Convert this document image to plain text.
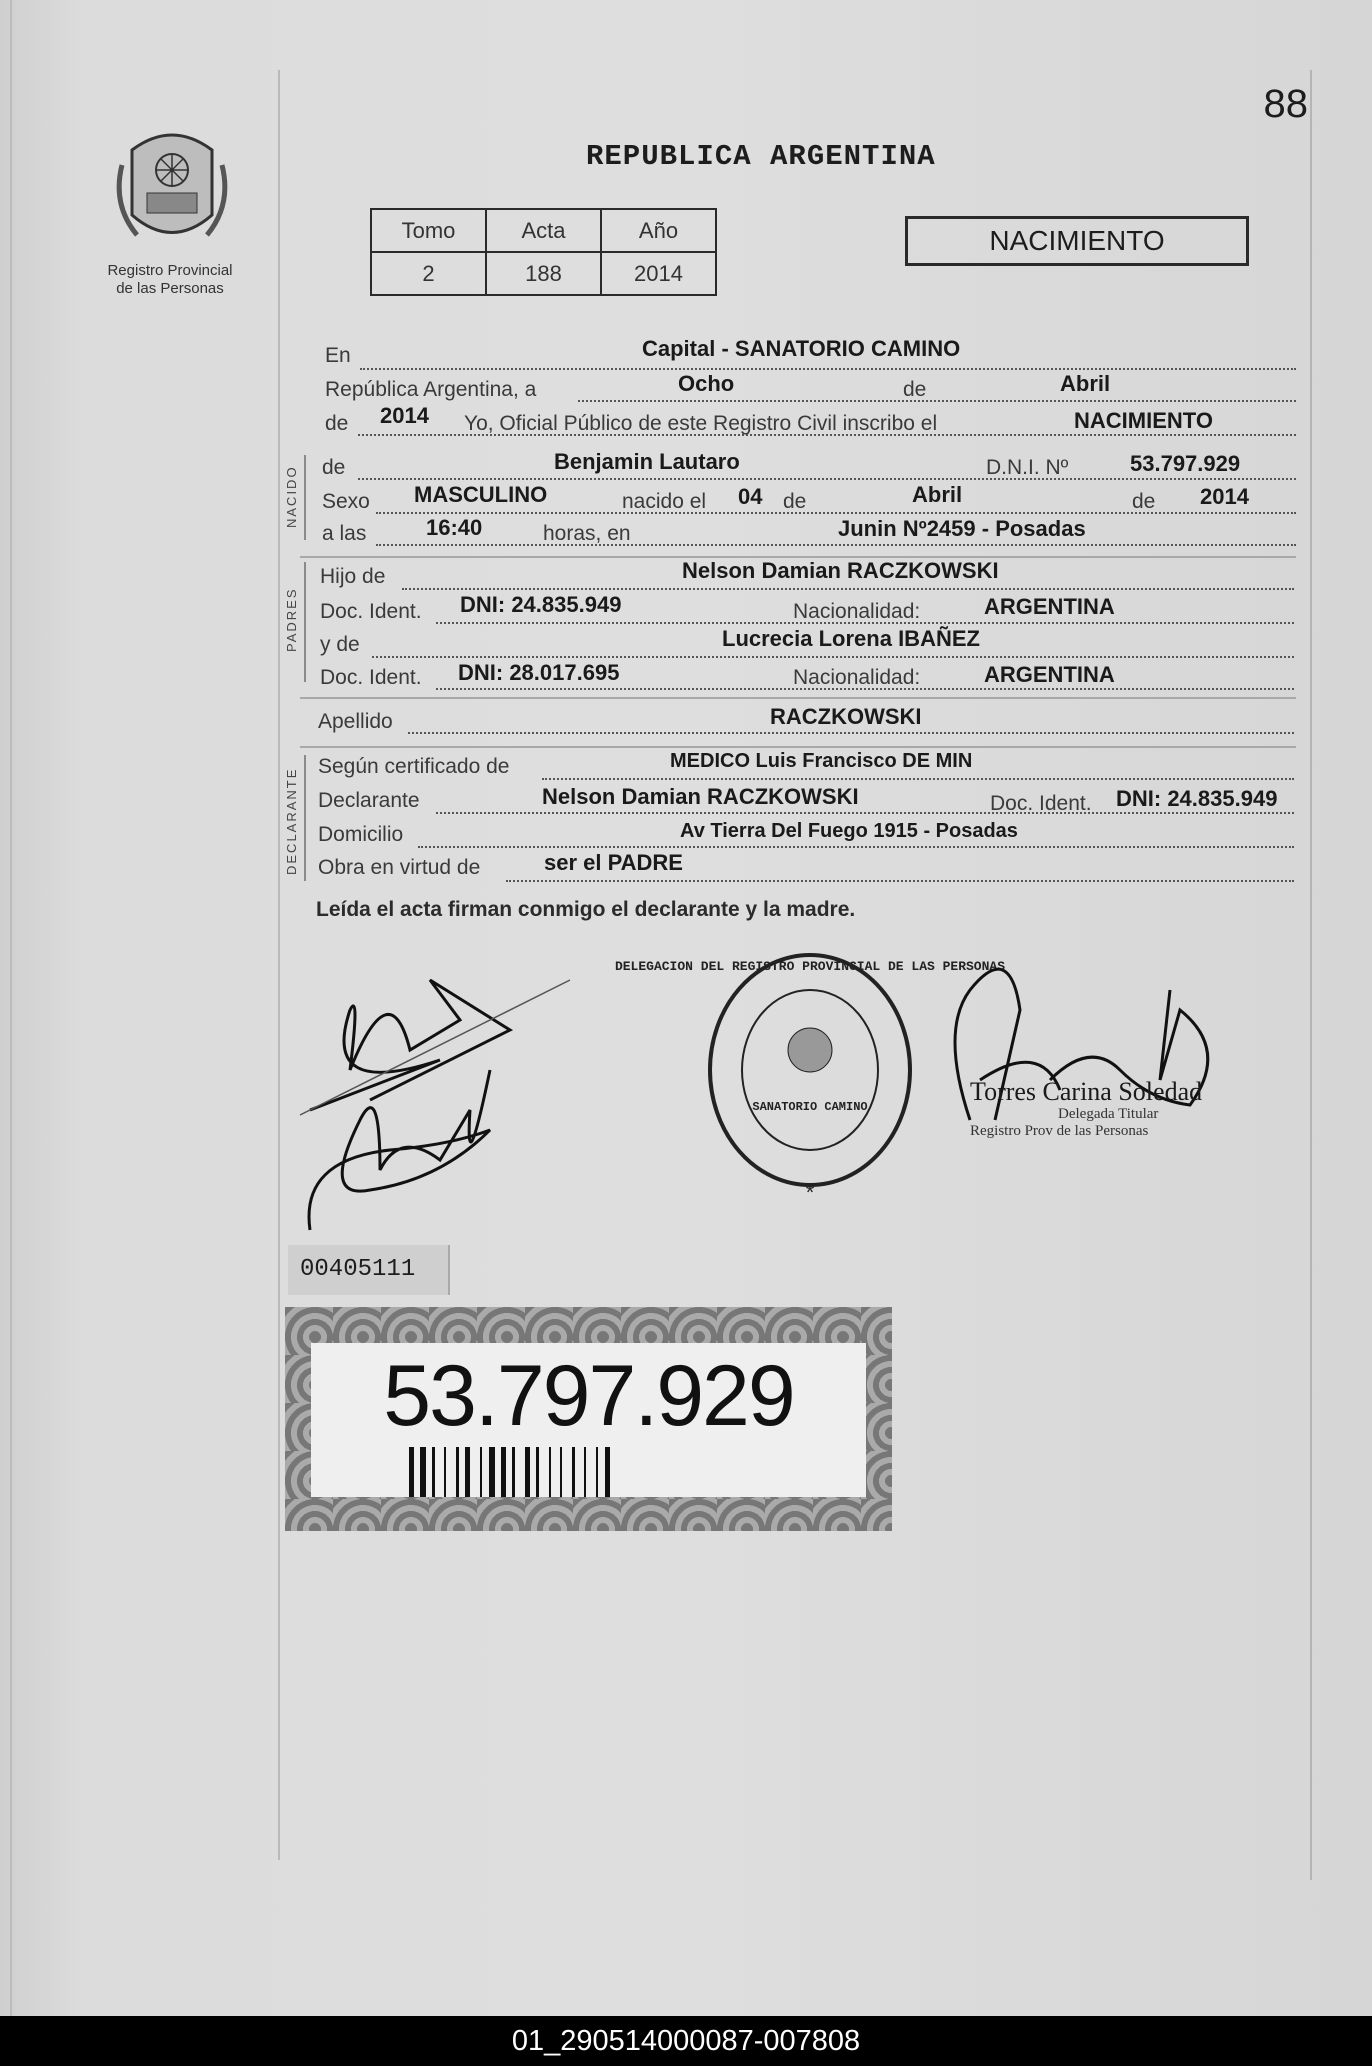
88
Registro Provincial
de las Personas
REPUBLICA ARGENTINA
Tomo	Acta	Año
2	188	2014
NACIMIENTO
En	Capital - SANATORIO CAMINO
República Argentina, a	Ocho	de	Abril
de 2014 Yo, Oficial Público de este Registro Civil inscribo el	NACIMIENTO
NACIDO de	Benjamin Lautaro	D.N.I. Nº	53.797.929
Sexo MASCULINO	nacido el 04 de	Abril	de 2014
a las	16:40	horas, en	Junin Nº2459 - Posadas
PADRES
Hijo de	Nelson Damian RACZKOWSKI
Doc. Ident. DNI: 24.835.949	Nacionalidad:	ARGENTINA
y de	Lucrecia Lorena IBAÑEZ
Doc. Ident. DNI: 28.017.695	Nacionalidad:	ARGENTINA
Apellido	RACZKOWSKI
DECLARANTE
Según certificado de	MEDICO Luis Francisco DE MIN
Declarante	Nelson Damian RACZKOWSKI	Doc. Ident. DNI: 24.835.949
Domicilio	Av Tierra Del Fuego 1915 - Posadas
Obra en virtud de	ser el PADRE
Leída el acta firman conmigo el declarante y la madre.
DELEGACION DEL REGISTRO PROVINCIAL DE LAS PERSONAS
SANATORIO CAMINO
*
Torres Carina Soledad
Delegada Titular
Registro Prov de las Personas
00405111
53.797.929
01_290514000087-007808
